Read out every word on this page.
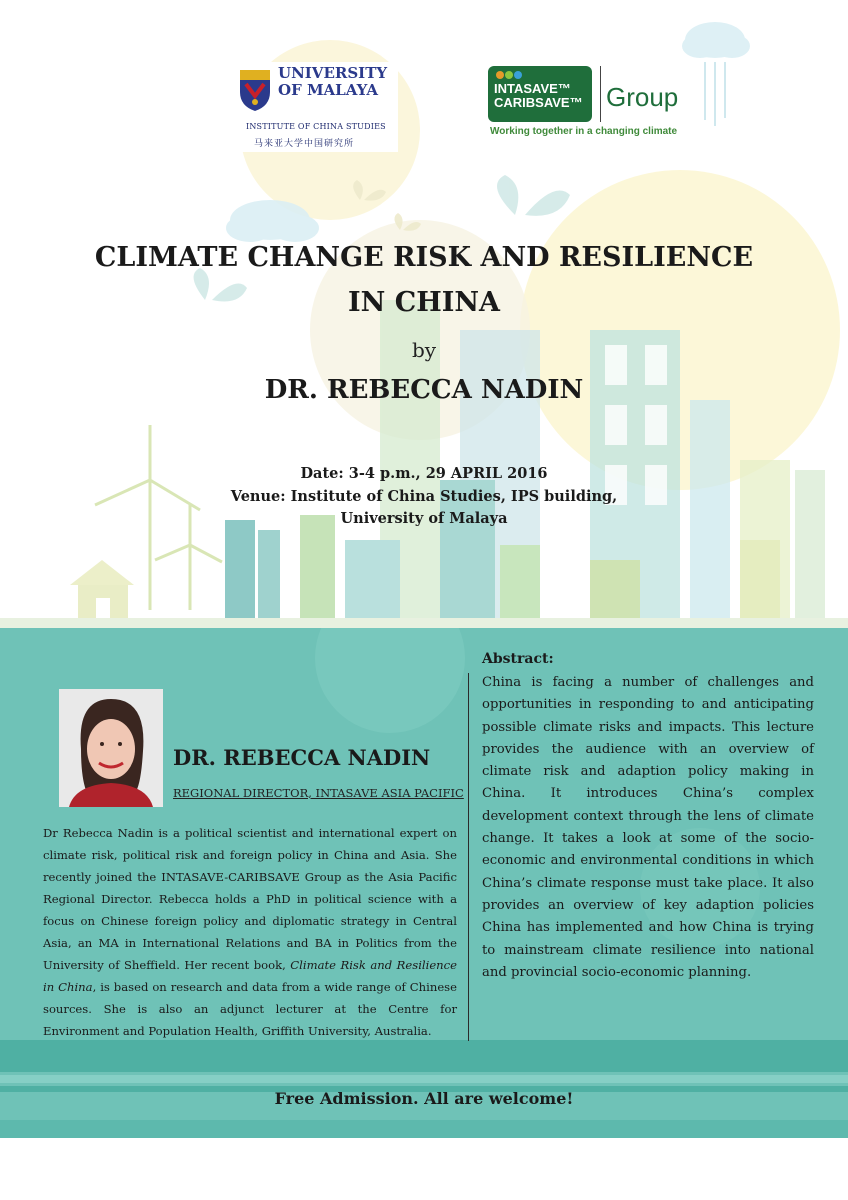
UNIVERSITY
OF MALAYA
INSTITUTE OF CHINA STUDIES
马来亚大学中国研究所
INTASAVE™
CARIBSAVE™ Group
Working together in a changing climate
CLIMATE CHANGE RISK AND RESILIENCE
IN CHINA
by
DR. REBECCA NADIN
Date: 3-4 p.m., 29 APRIL 2016
Venue: Institute of China Studies, IPS building,
University of Malaya
DR. REBECCA NADIN
REGIONAL DIRECTOR, INTASAVE ASIA PACIFIC
Dr Rebecca Nadin is a political scientist and international expert on climate risk, political risk and foreign policy in China and Asia. She recently joined the INTASAVE-CARIBSAVE Group as the Asia Pacific Regional Director. Rebecca holds a PhD in political science with a focus on Chinese foreign policy and diplomatic strategy in Central Asia, an MA in International Relations and BA in Politics from the University of Sheffield. Her recent book, Climate Risk and Resilience in China, is based on research and data from a wide range of Chinese sources. She is also an adjunct lecturer at the Centre for Environment and Population Health, Griffith University, Australia.
Abstract:
China is facing a number of challenges and opportunities in responding to and anticipating possible climate risks and impacts. This lecture provides the audience with an overview of climate risk and adaption policy making in China. It introduces China’s complex development context through the lens of climate change. It takes a look at some of the socio-economic and environmental conditions in which China’s climate response must take place. It also provides an overview of key adaption policies China has implemented and how China is trying to mainstream climate resilience into national and provincial socio-economic planning.
Free Admission. All are welcome!
